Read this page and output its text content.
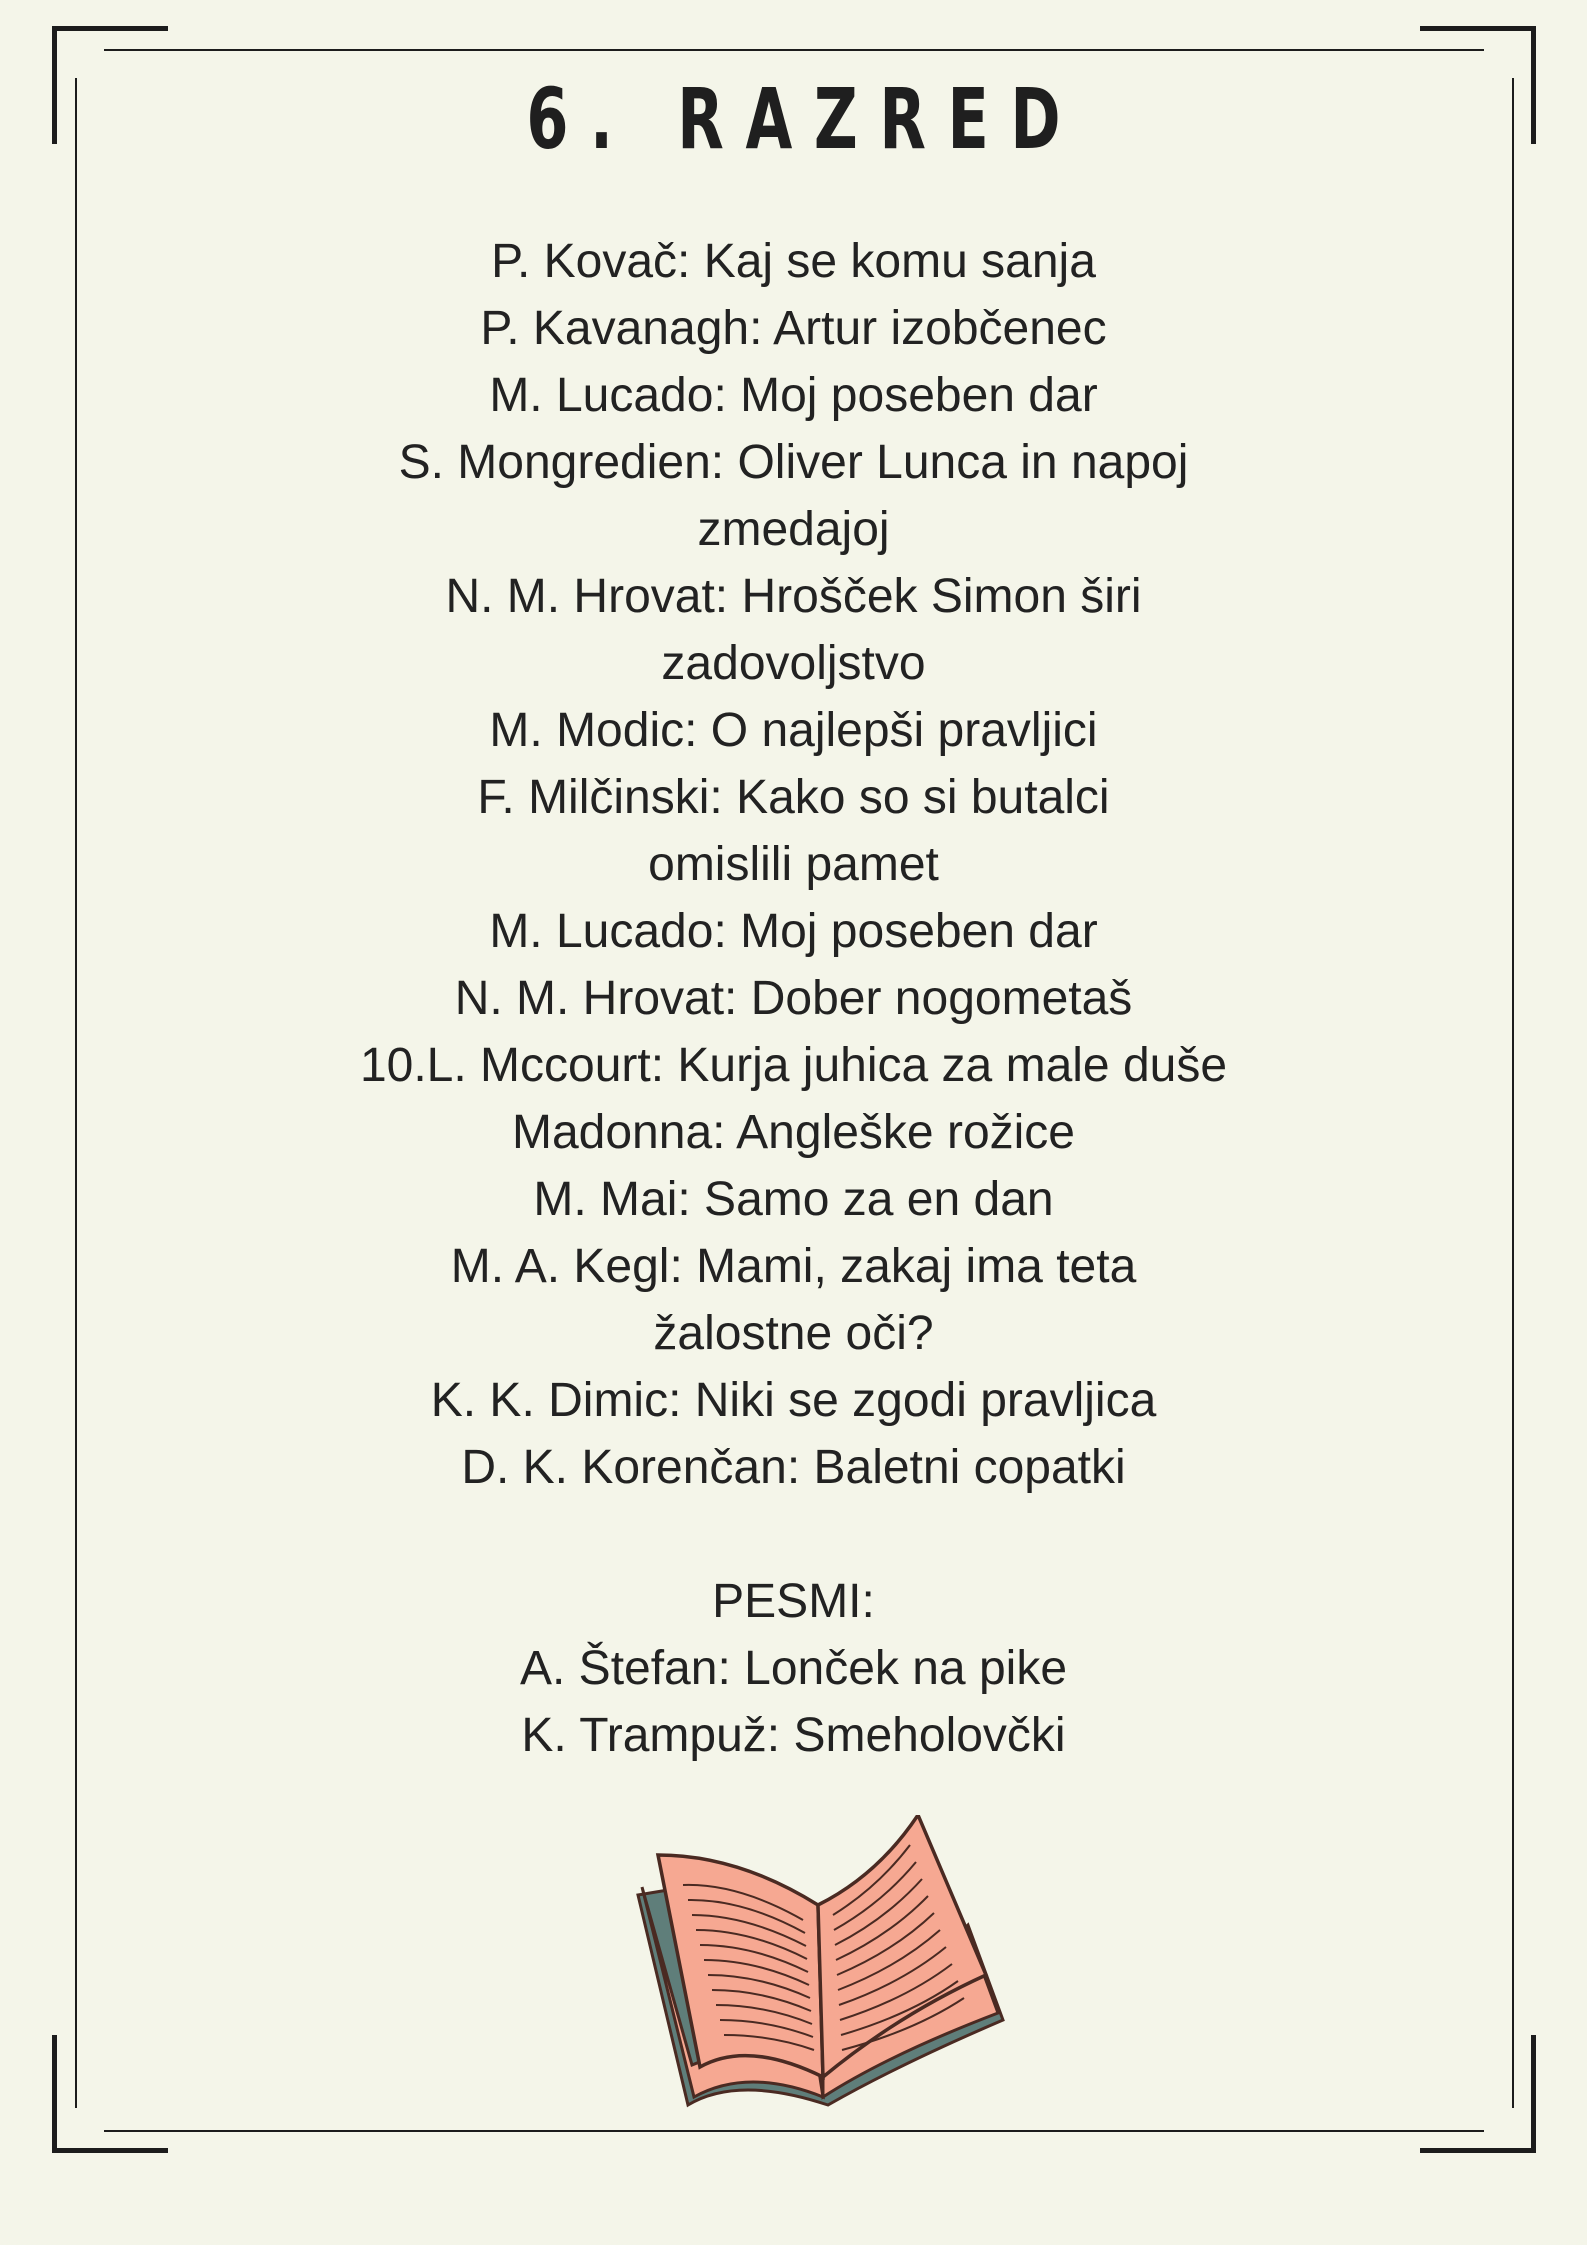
6. RAZRED
P. Kovač: Kaj se komu sanja
P. Kavanagh: Artur izobčenec
M. Lucado: Moj poseben dar
S. Mongredien: Oliver Lunca in napoj
zmedajoj
N. M. Hrovat: Hrošček Simon širi
zadovoljstvo
M. Modic: O najlepši pravljici
F. Milčinski: Kako so si butalci
omislili pamet
M. Lucado: Moj poseben dar
N. M. Hrovat: Dober nogometaš
10.L. Mccourt: Kurja juhica za male duše
Madonna: Angleške rožice
M. Mai: Samo za en dan
M. A. Kegl: Mami, zakaj ima teta
žalostne oči?
K. K. Dimic: Niki se zgodi pravljica
D. K. Korenčan: Baletni copatki
PESMI:
A. Štefan: Lonček na pike
K. Trampuž: Smeholovčki
